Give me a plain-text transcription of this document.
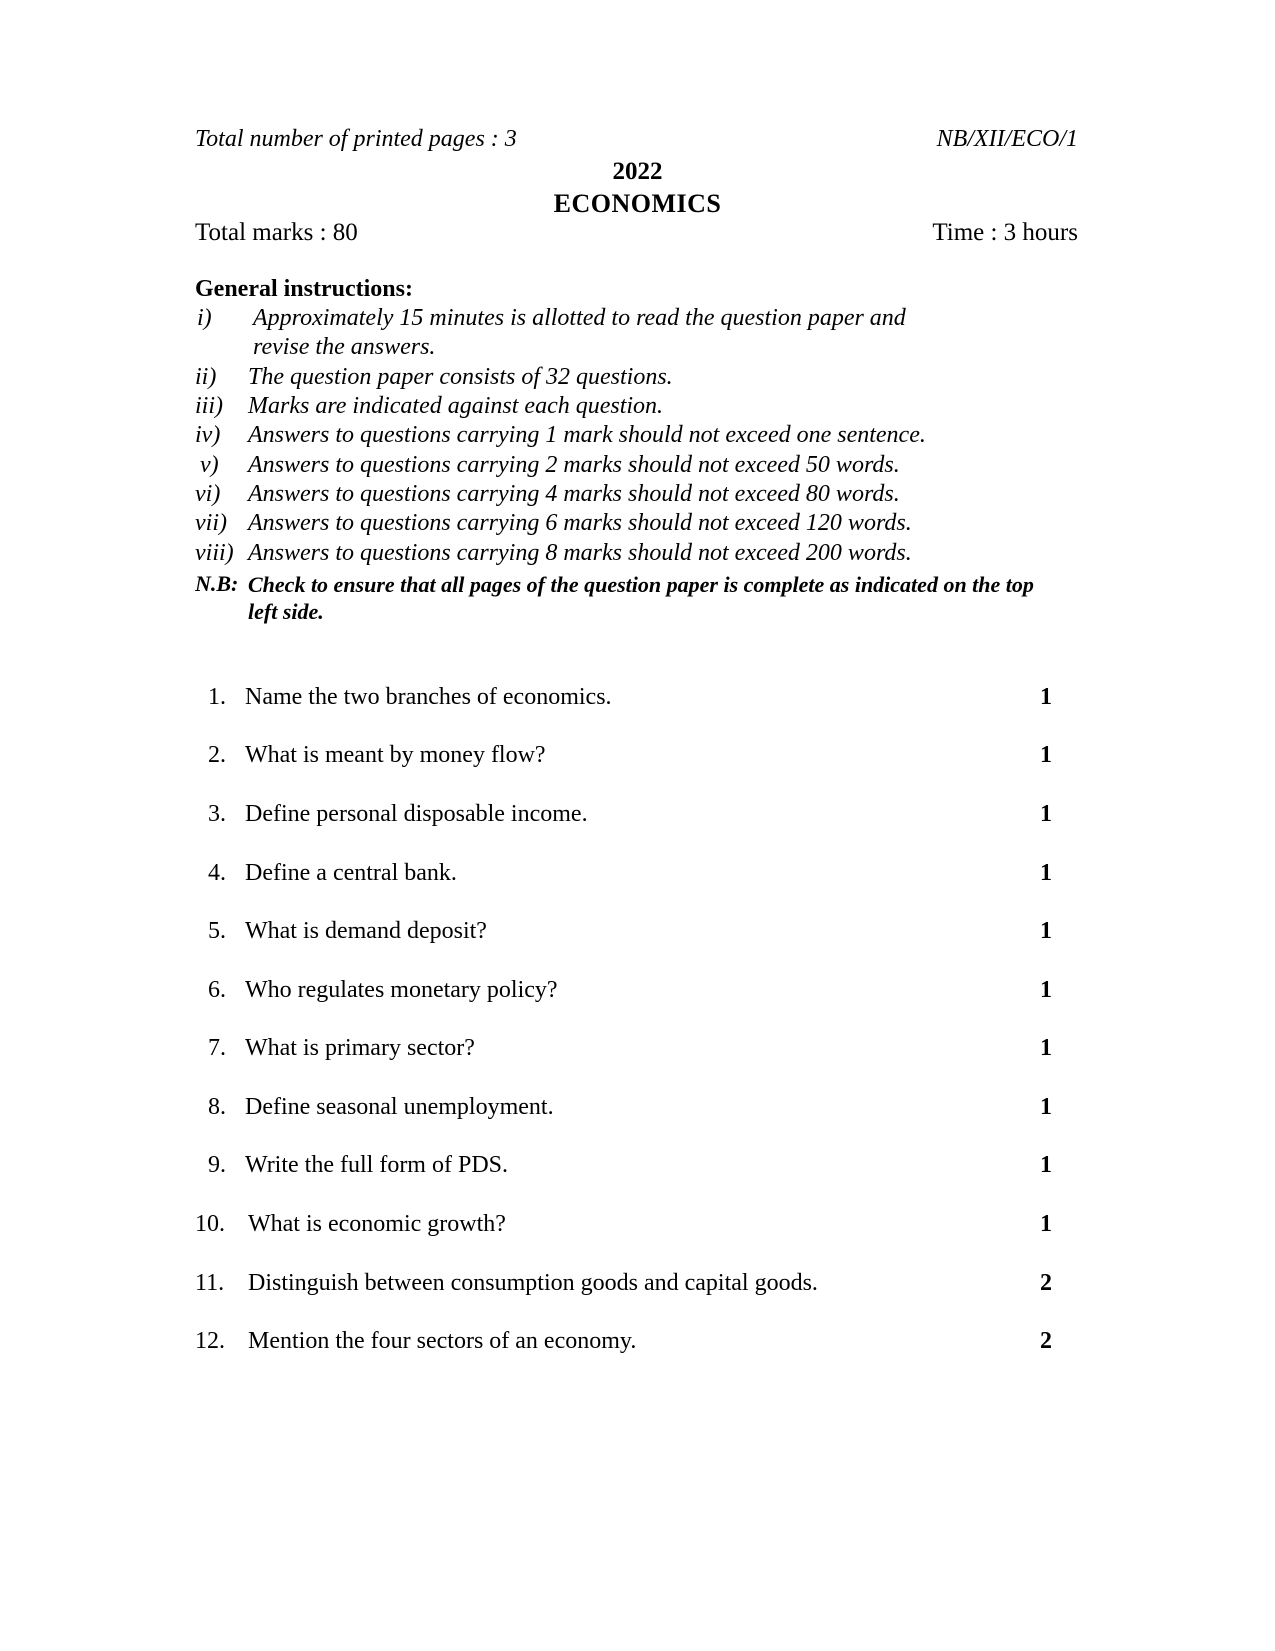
Total number of printed pages : 3	NB/XII/ECO/1
2022
ECONOMICS
Total marks : 80	Time : 3 hours
General instructions:
i) Approximately 15 minutes is allotted to read the question paper and
revise the answers.
ii) The question paper consists of 32 questions.
iii) Marks are indicated against each question.
iv) Answers to questions carrying 1 mark should not exceed one sentence.
v) Answers to questions carrying 2 marks should not exceed 50 words.
vi) Answers to questions carrying 4 marks should not exceed 80 words.
vii) Answers to questions carrying 6 marks should not exceed 120 words.
viii) Answers to questions carrying 8 marks should not exceed 200 words.
N.B: Check to ensure that all pages of the question paper is complete as indicated on the top left side.
1. Name the two branches of economics.	1
2. What is meant by money flow?	1
3. Define personal disposable income.	1
4. Define a central bank.	1
5. What is demand deposit?	1
6. Who regulates monetary policy?	1
7. What is primary sector?	1
8. Define seasonal unemployment.	1
9. Write the full form of PDS.	1
10. What is economic growth?	1
11. Distinguish between consumption goods and capital goods.	2
12. Mention the four sectors of an economy.	2
